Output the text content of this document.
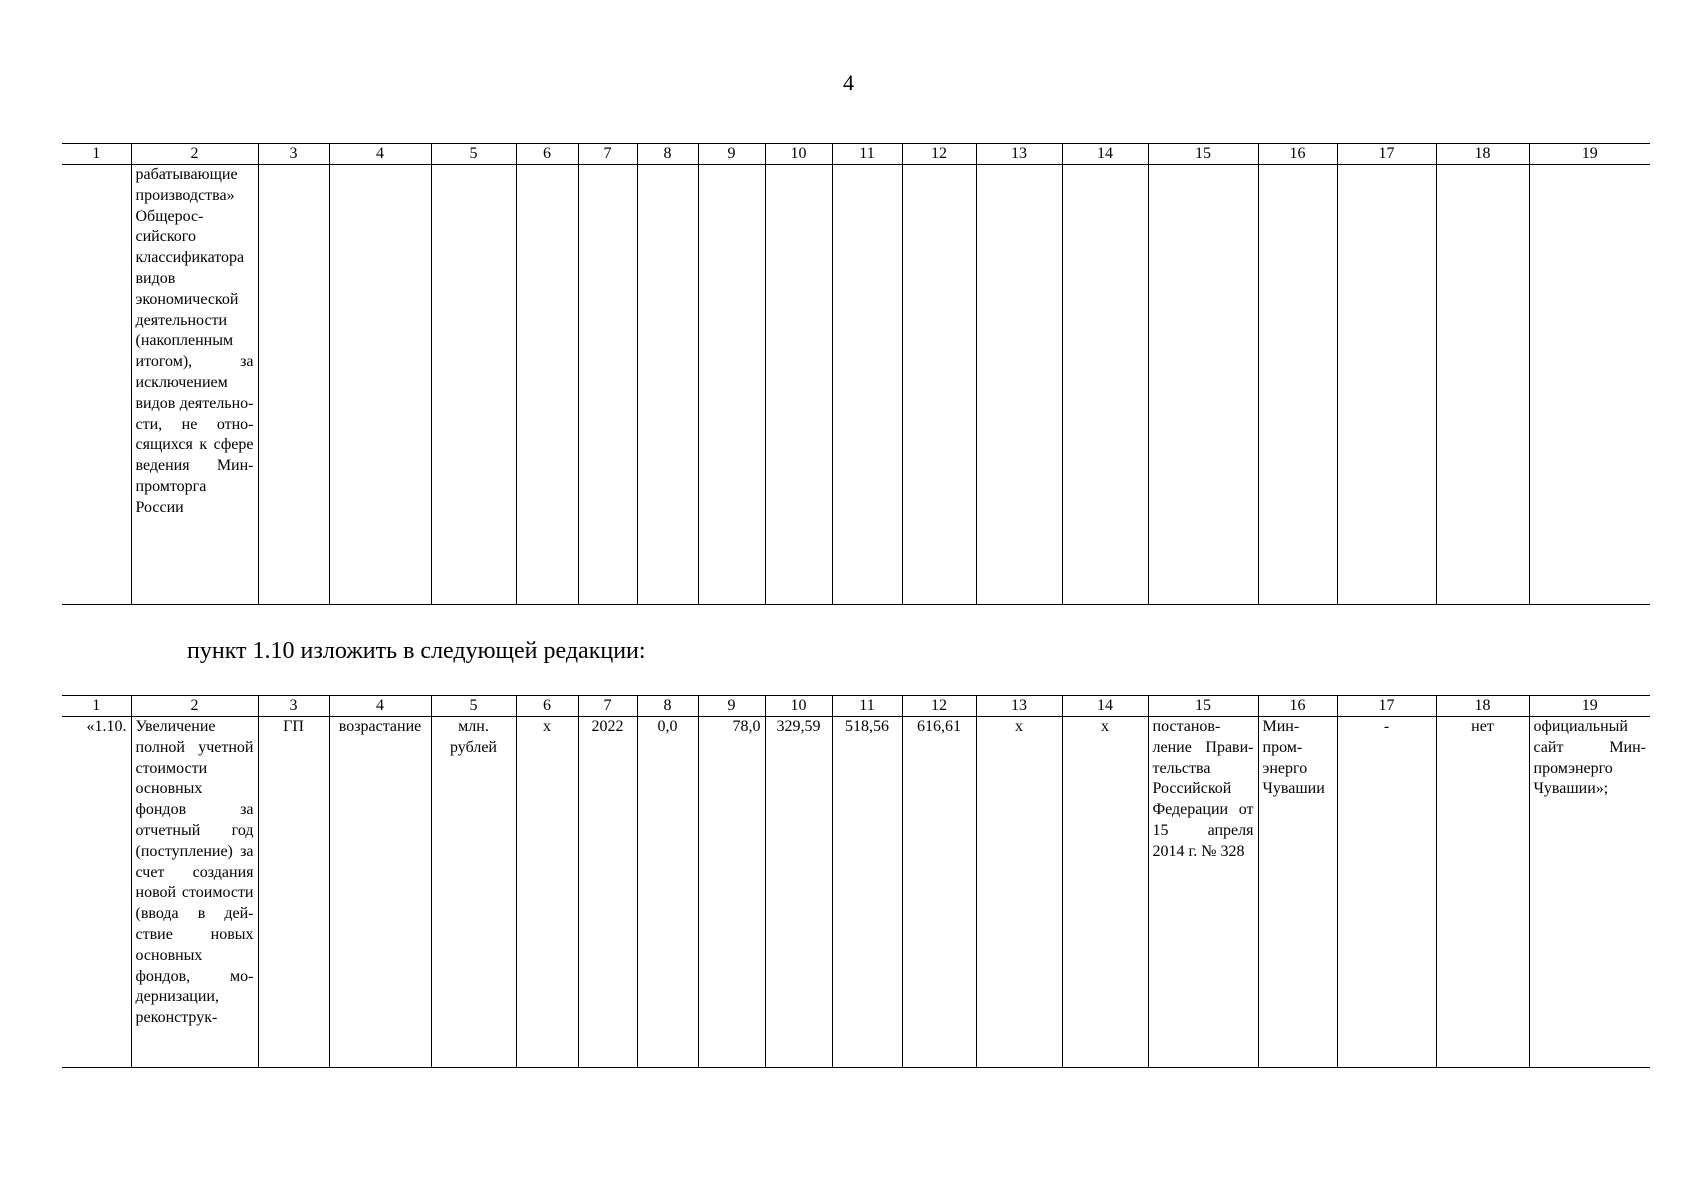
4
1	2	3	4	5	6	7	8	9	10	11	12	13	14	15	16	17	18	19
	рабатывающие производства» Общероссийского классификатора видов экономической деятельности (накопленным итогом), за исключением видов деятельности, не относящихся к сфере ведения Минпромторга России																	
пункт 1.10 изложить в следующей редакции:
1	2	3	4	5	6	7	8	9	10	11	12	13	14	15	16	17	18	19
«1.10.	Увеличение полной учетной стоимости основных фондов за отчетный год (поступление) за счет создания новой стоимости (ввода в действие новых основных фондов, модернизации, реконструк-	ГП	возрастание	млн. рублей	х	2022	0,0	78,0	329,59	518,56	616,61	х	х	постановление Правительства Российской Федерации от 15 апреля 2014 г. № 328	Минпромэнерго Чувашии	-	нет	официальный сайт Минпромэнерго Чувашии»;
